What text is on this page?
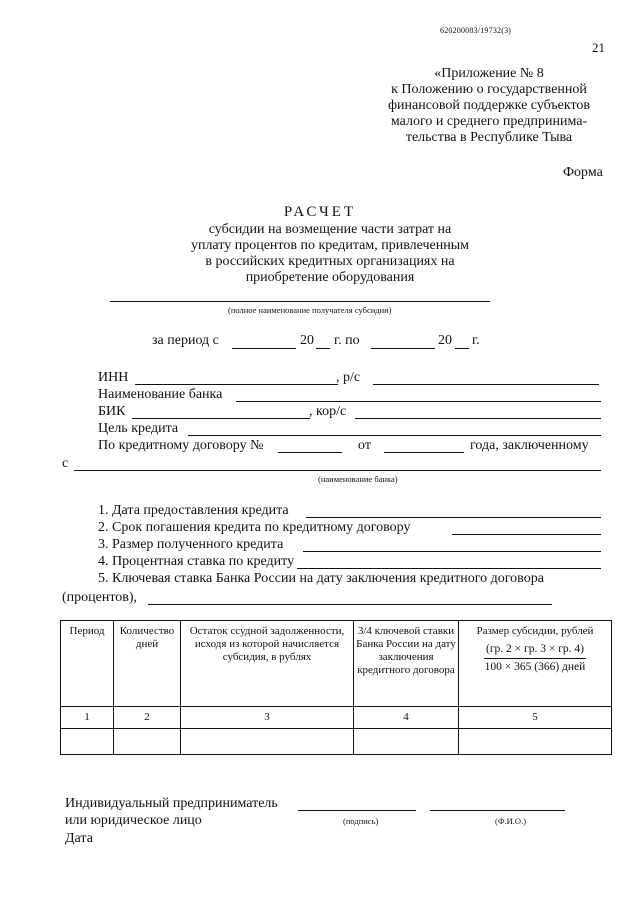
620200083/19732(3)
21
«Приложение № 8
к Положению о государственной
финансовой поддержке субъектов
малого и среднего предпринима-
тельства в Республике Тыва
Форма
РАСЧЕТ
субсидии на возмещение части затрат на
уплату процентов по кредитам, привлеченным
в российских кредитных организациях на
приобретение оборудования
(полное наименование получателя субсидии)
за период с	20 г. по	20 г.
ИНН	, р/с
Наименование банка
БИК	, кор/с
Цель кредита
По кредитному договору №	от	года, заключенному
с
(наименование банка)
1. Дата предоставления кредита
2. Срок погашения кредита по кредитному договору
3. Размер полученного кредита
4. Процентная ставка по кредиту
5. Ключевая ставка Банка России на дату заключения кредитного договора
(процентов),
Период	Количество дней	Остаток ссудной задолженности, исходя из которой начисляется субсидия, в рублях	3/4 ключевой ставки Банка России на дату заключения кредитного договора	Размер субсидии, рублей
$\frac{(гр. 2 \times гр. 3 \times гр. 4)}{\text{100 × 365 (366) дней}}$

1	2	3	4	5

Индивидуальный предприниматель
или юридическое лицо	(подпись)	(Ф.И.О.)
Дата
